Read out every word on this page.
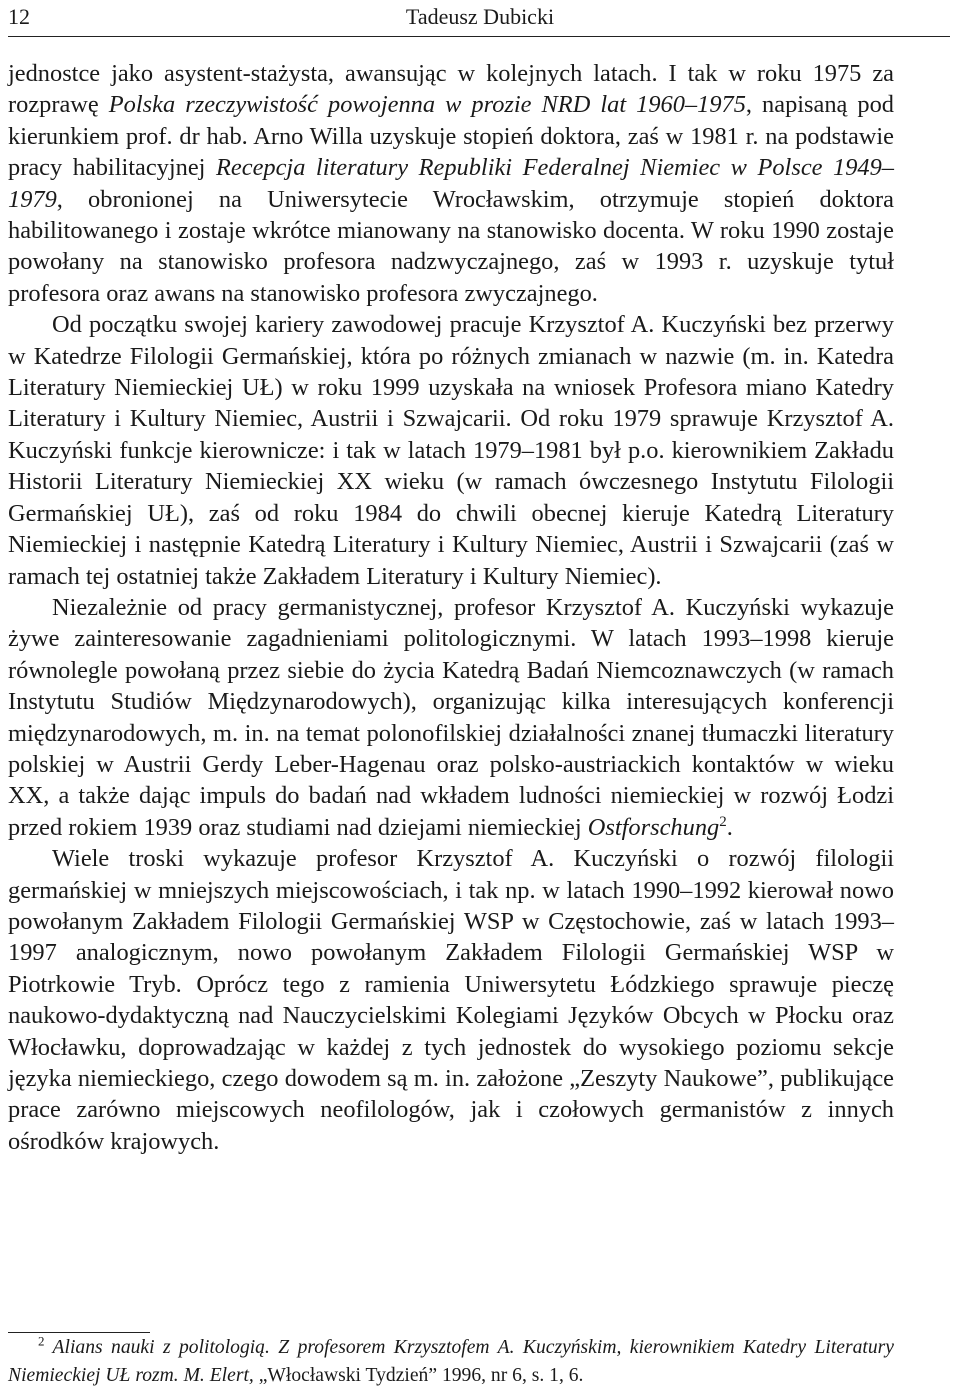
12	Tadeusz Dubicki

jednostce jako asystent-stażysta, awansując w kolejnych latach. I tak w roku 1975 za rozprawę Polska rzeczywistość powojenna w prozie NRD lat 1960–1975, napisaną pod kierunkiem prof. dr hab. Arno Willa uzyskuje stopień doktora, zaś w 1981 r. na podstawie pracy habilitacyjnej Recepcja literatury Republiki Federalnej Niemiec w Polsce 1949–1979, obronionej na Uniwersytecie Wrocławskim, otrzymuje stopień doktora habilitowanego i zostaje wkrótce mianowany na stanowisko docenta. W roku 1990 zostaje powołany na stanowisko profesora nadzwyczajnego, zaś w 1993 r. uzyskuje tytuł profesora oraz awans na stanowisko profesora zwyczajnego.

Od początku swojej kariery zawodowej pracuje Krzysztof A. Kuczyński bez przerwy w Katedrze Filologii Germańskiej, która po różnych zmianach w nazwie (m. in. Katedra Literatury Niemieckiej UŁ) w roku 1999 uzyskała na wniosek Profesora miano Katedry Literatury i Kultury Niemiec, Austrii i Szwajcarii. Od roku 1979 sprawuje Krzysztof A. Kuczyński funkcje kierownicze: i tak w latach 1979–1981 był p.o. kierownikiem Zakładu Historii Literatury Niemieckiej XX wieku (w ramach ówczesnego Instytutu Filologii Germańskiej UŁ), zaś od roku 1984 do chwili obecnej kieruje Katedrą Literatury Niemieckiej i następnie Katedrą Literatury i Kultury Niemiec, Austrii i Szwajcarii (zaś w ramach tej ostatniej także Zakładem Literatury i Kultury Niemiec).

Niezależnie od pracy germanistycznej, profesor Krzysztof A. Kuczyński wykazuje żywe zainteresowanie zagadnieniami politologicznymi. W latach 1993–1998 kieruje równolegle powołaną przez siebie do życia Katedrą Badań Niemcoznawczych (w ramach Instytutu Studiów Międzynarodowych), organizując kilka interesujących konferencji międzynarodowych, m. in. na temat polonofilskiej działalności znanej tłumaczki literatury polskiej w Austrii Gerdy Leber-Hagenau oraz polsko-austriackich kontaktów w wieku XX, a także dając impuls do badań nad wkładem ludności niemieckiej w rozwój Łodzi przed rokiem 1939 oraz studiami nad dziejami niemieckiej Ostforschung$^2$.

Wiele troski wykazuje profesor Krzysztof A. Kuczyński o rozwój filologii germańskiej w mniejszych miejscowościach, i tak np. w latach 1990–1992 kierował nowo powołanym Zakładem Filologii Germańskiej WSP w Częstochowie, zaś w latach 1993–1997 analogicznym, nowo powołanym Zakładem Filologii Germańskiej WSP w Piotrkowie Tryb. Oprócz tego z ramienia Uniwersytetu Łódzkiego sprawuje pieczę naukowo-dydaktyczną nad Nauczycielskimi Kolegiami Języków Obcych w Płocku oraz Włocławku, doprowadzając w każdej z tych jednostek do wysokiego poziomu sekcje języka niemieckiego, czego dowodem są m. in. założone „Zeszyty Naukowe”, publikujące prace zarówno miejscowych neofilologów, jak i czołowych germanistów z innych ośrodków krajowych.

$^2$ Alians nauki z politologią. Z profesorem Krzysztofem A. Kuczyńskim, kierownikiem Katedry Literatury Niemieckiej UŁ rozm. M. Elert, „Włocławski Tydzień” 1996, nr 6, s. 1, 6.
